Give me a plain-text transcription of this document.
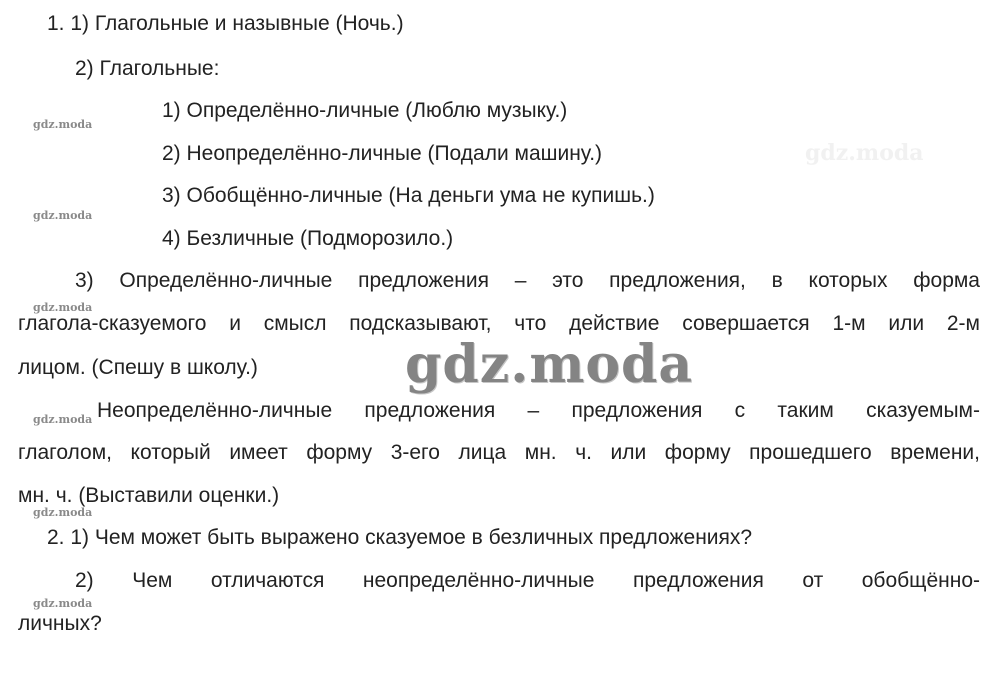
1. 1) Глагольные и назывные (Ночь.)
2) Глагольные:
1) Определённо-личные (Люблю музыку.)
2) Неопределённо-личные (Подали машину.)
3) Обобщённо-личные (На деньги ума не купишь.)
4) Безличные (Подморозило.)
3) Определённо-личные предложения – это предложения, в которых форма
глагола-сказуемого и смысл подсказывают, что действие совершается 1-м или 2-м
лицом. (Спешу в школу.)
Неопределённо-личные предложения – предложения с таким сказуемым-
глаголом, который имеет форму 3-его лица мн. ч. или форму прошедшего времени,
мн. ч. (Выставили оценки.)
2. 1) Чем может быть выражено сказуемое в безличных предложениях?
2) Чем отличаются неопределённо-личные предложения от обобщённо-
личных?
gdz.moda
gdz.moda
gdz.moda
gdz.moda
gdz.moda
gdz.moda
gdz.moda
gdz.moda
